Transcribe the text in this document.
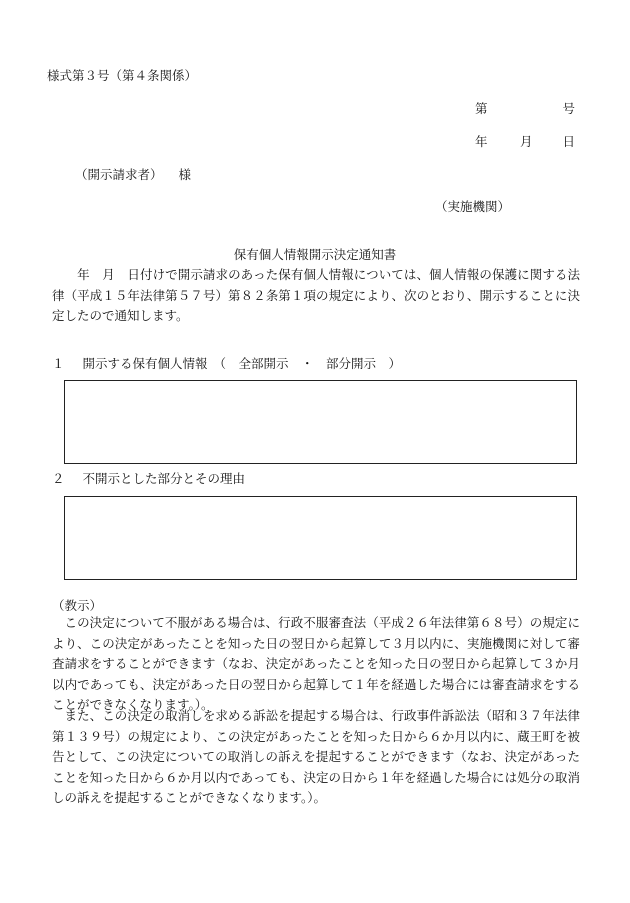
様式第３号（第４条関係）
第	号
年	月 日
（開示請求者） 様
（実施機関）
保有個人情報開示決定通知書

　年　月　日付けで開示請求のあった保有個人情報については、個人情報の保護に関する法律（平成１５年法律第５７号）第８２条第１項の規定により、次のとおり、開示することに決定したので通知します。

１ 開示する保有個人情報 （　全部開示　・　部分開示　）
２ 不開示とした部分とその理由
（教示）

この決定について不服がある場合は、行政不服審査法（平成２６年法律第６８号）の規定により、この決定があったことを知った日の翌日から起算して３月以内に、実施機関に対して審査請求をすることができます（なお、決定があったことを知った日の翌日から起算して３か月以内であっても、決定があった日の翌日から起算して１年を経過した場合には審査請求をすることができなくなります。）。

また、この決定の取消しを求める訴訟を提起する場合は、行政事件訴訟法（昭和３７年法律第１３９号）の規定により、この決定があったことを知った日から６か月以内に、蔵王町を被告として、この決定についての取消しの訴えを提起することができます（なお、決定があったことを知った日から６か月以内であっても、決定の日から１年を経過した場合には処分の取消しの訴えを提起することができなくなります。）。
